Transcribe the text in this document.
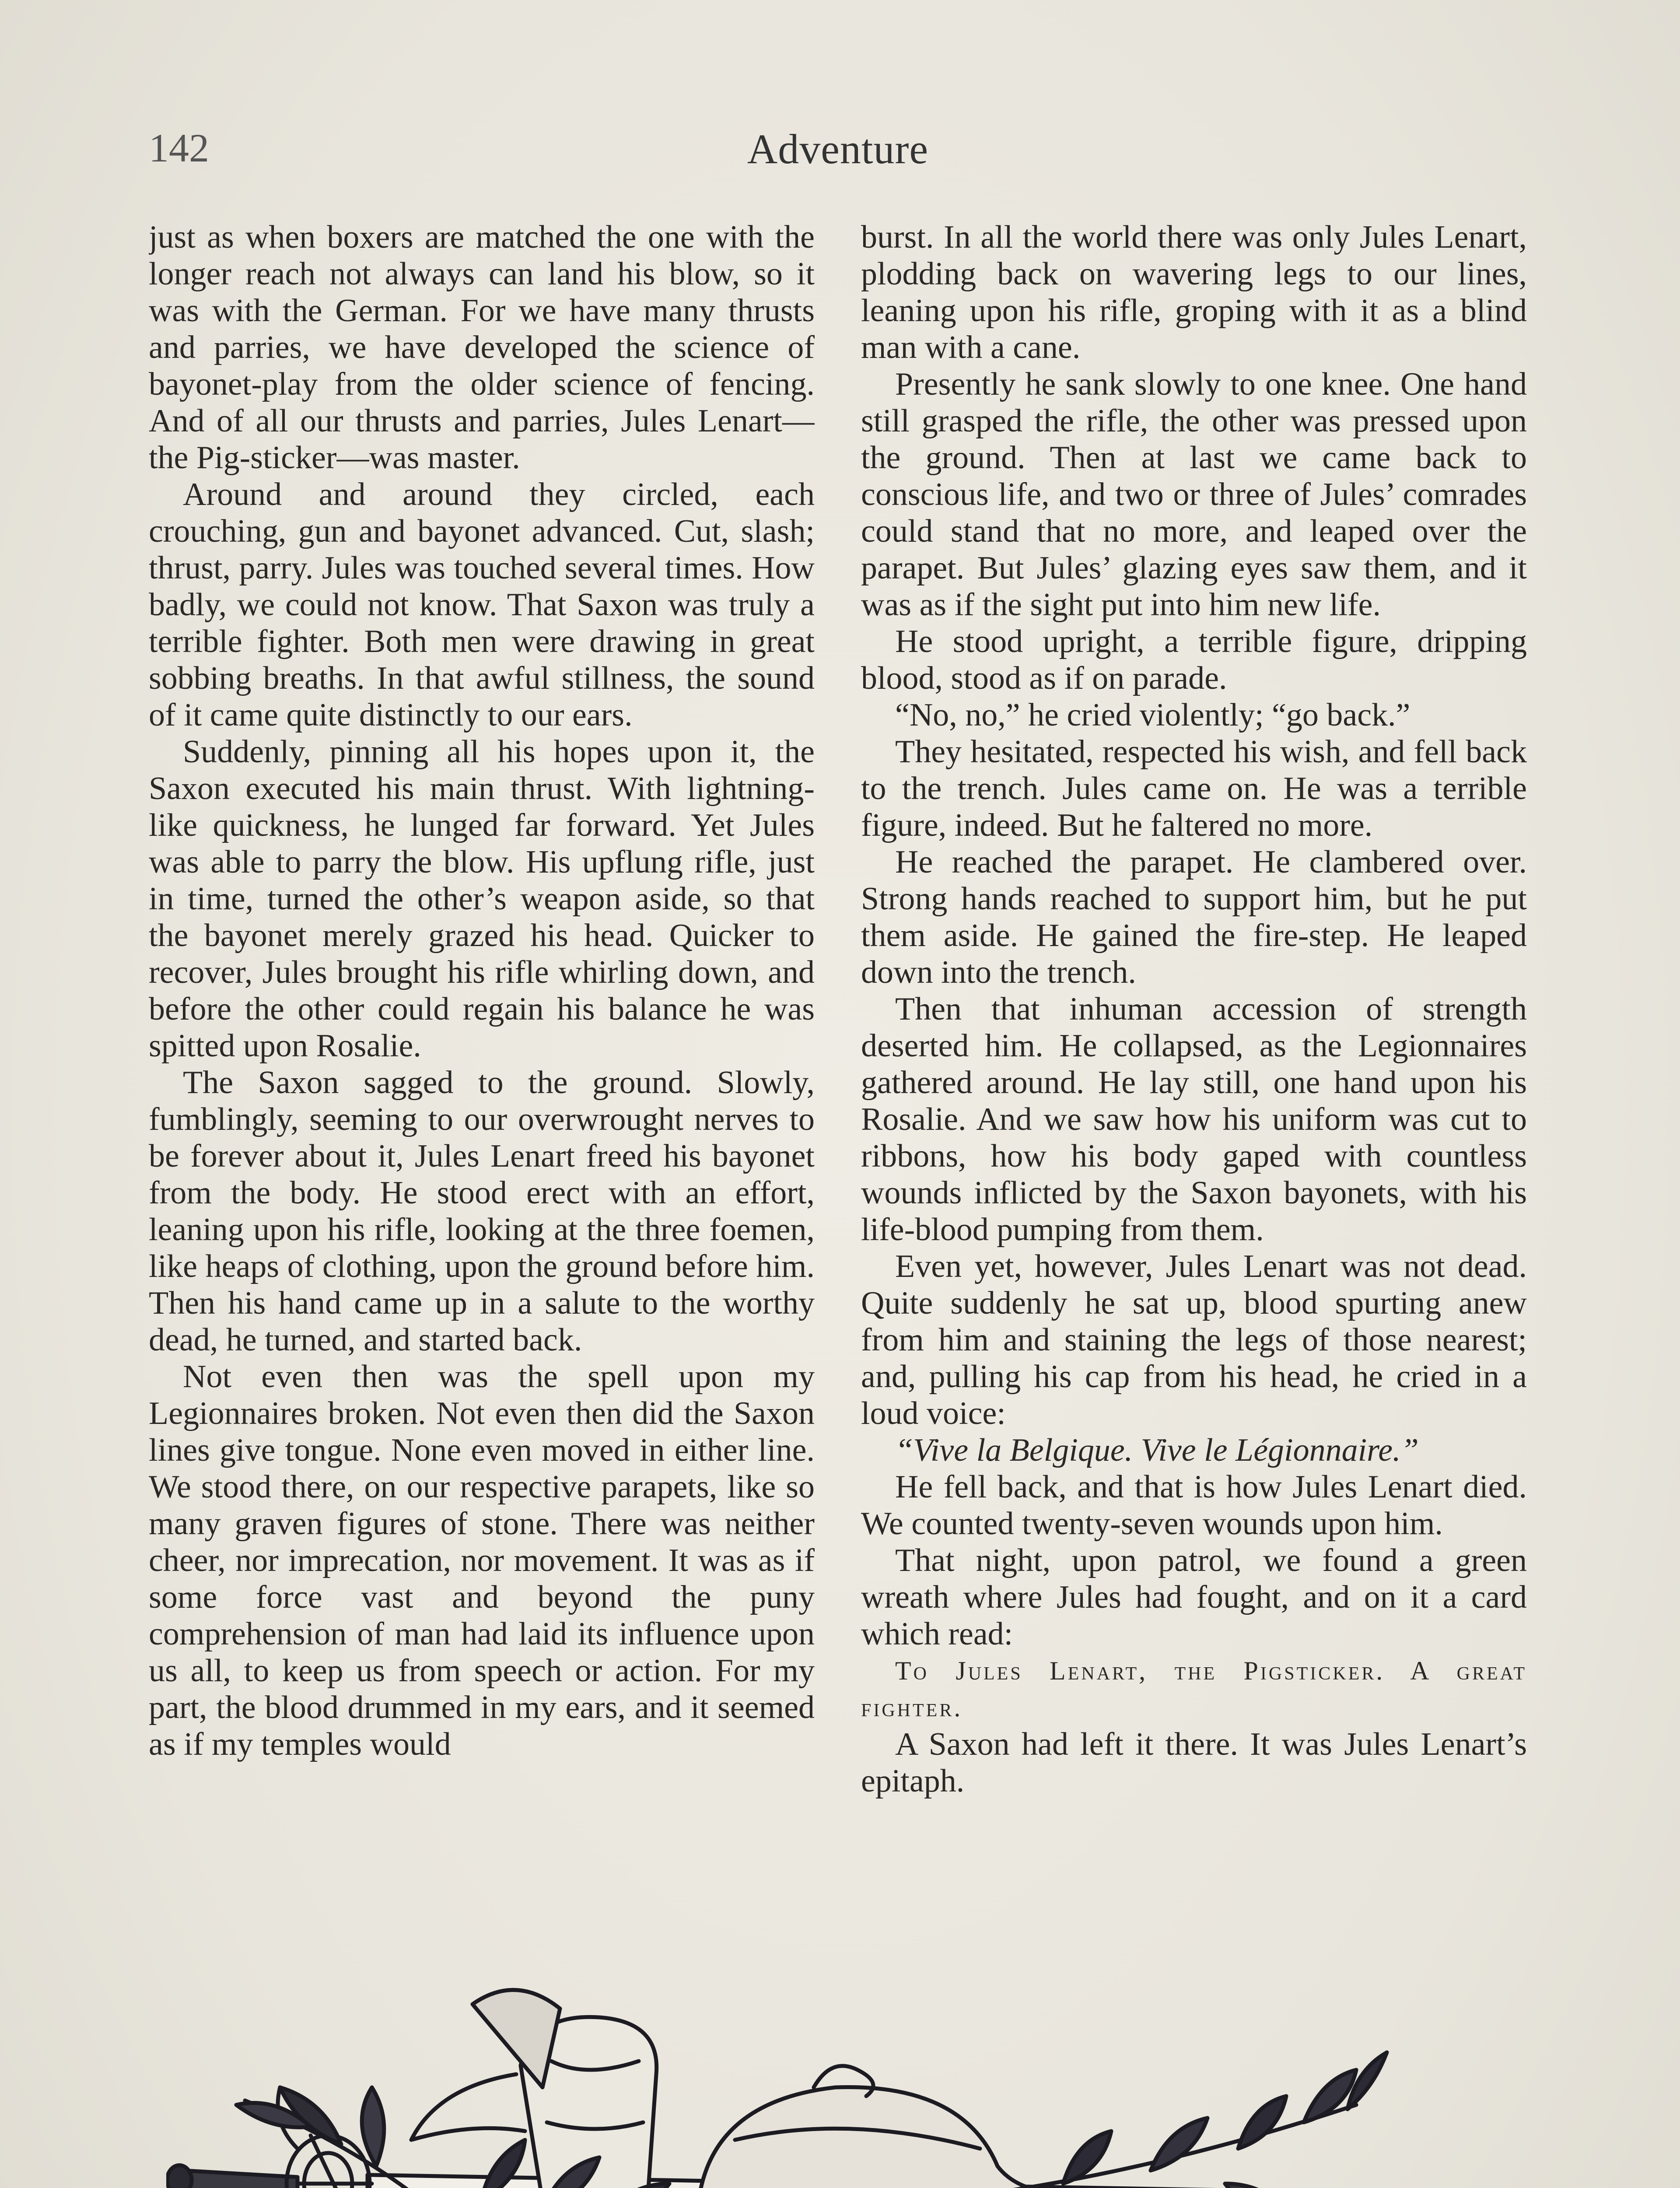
142	Adventure

just as when boxers are matched the one with the longer reach not always can land his blow, so it was with the German. For we have many thrusts and parries, we have developed the science of bayonet-play from the older science of fencing. And of all our thrusts and parries, Jules Lenart—the Pig-sticker—was master.

Around and around they circled, each crouching, gun and bayonet advanced. Cut, slash; thrust, parry. Jules was touched several times. How badly, we could not know. That Saxon was truly a terrible fighter. Both men were drawing in great sobbing breaths. In that awful stillness, the sound of it came quite distinctly to our ears.

Suddenly, pinning all his hopes upon it, the Saxon executed his main thrust. With lightning-like quickness, he lunged far forward. Yet Jules was able to parry the blow. His upflung rifle, just in time, turned the other’s weapon aside, so that the bayonet merely grazed his head. Quicker to recover, Jules brought his rifle whirling down, and before the other could regain his balance he was spitted upon Rosalie.

The Saxon sagged to the ground. Slowly, fumblingly, seeming to our overwrought nerves to be forever about it, Jules Lenart freed his bayonet from the body. He stood erect with an effort, leaning upon his rifle, looking at the three foemen, like heaps of clothing, upon the ground before him. Then his hand came up in a salute to the worthy dead, he turned, and started back.

Not even then was the spell upon my Legionnaires broken. Not even then did the Saxon lines give tongue. None even moved in either line. We stood there, on our respective parapets, like so many graven figures of stone. There was neither cheer, nor imprecation, nor movement. It was as if some force vast and beyond the puny comprehension of man had laid its influence upon us all, to keep us from speech or action. For my part, the blood drummed in my ears, and it seemed as if my temples would

burst. In all the world there was only Jules Lenart, plodding back on wavering legs to our lines, leaning upon his rifle, groping with it as a blind man with a cane.

Presently he sank slowly to one knee. One hand still grasped the rifle, the other was pressed upon the ground. Then at last we came back to conscious life, and two or three of Jules’ comrades could stand that no more, and leaped over the parapet. But Jules’ glazing eyes saw them, and it was as if the sight put into him new life.

He stood upright, a terrible figure, dripping blood, stood as if on parade.

“No, no,” he cried violently; “go back.”

They hesitated, respected his wish, and fell back to the trench. Jules came on. He was a terrible figure, indeed. But he faltered no more.

He reached the parapet. He clambered over. Strong hands reached to support him, but he put them aside. He gained the fire-step. He leaped down into the trench.

Then that inhuman accession of strength deserted him. He collapsed, as the Legionnaires gathered around. He lay still, one hand upon his Rosalie. And we saw how his uniform was cut to ribbons, how his body gaped with countless wounds inflicted by the Saxon bayonets, with his life-blood pumping from them.

Even yet, however, Jules Lenart was not dead. Quite suddenly he sat up, blood spurting anew from him and staining the legs of those nearest; and, pulling his cap from his head, he cried in a loud voice:

“Vive la Belgique. Vive le Légionnaire.”

He fell back, and that is how Jules Lenart died. We counted twenty-seven wounds upon him.

That night, upon patrol, we found a green wreath where Jules had fought, and on it a card which read:

To Jules Lenart, the Pigsticker. A great fighter.

A Saxon had left it there. It was Jules Lenart’s epitaph.
